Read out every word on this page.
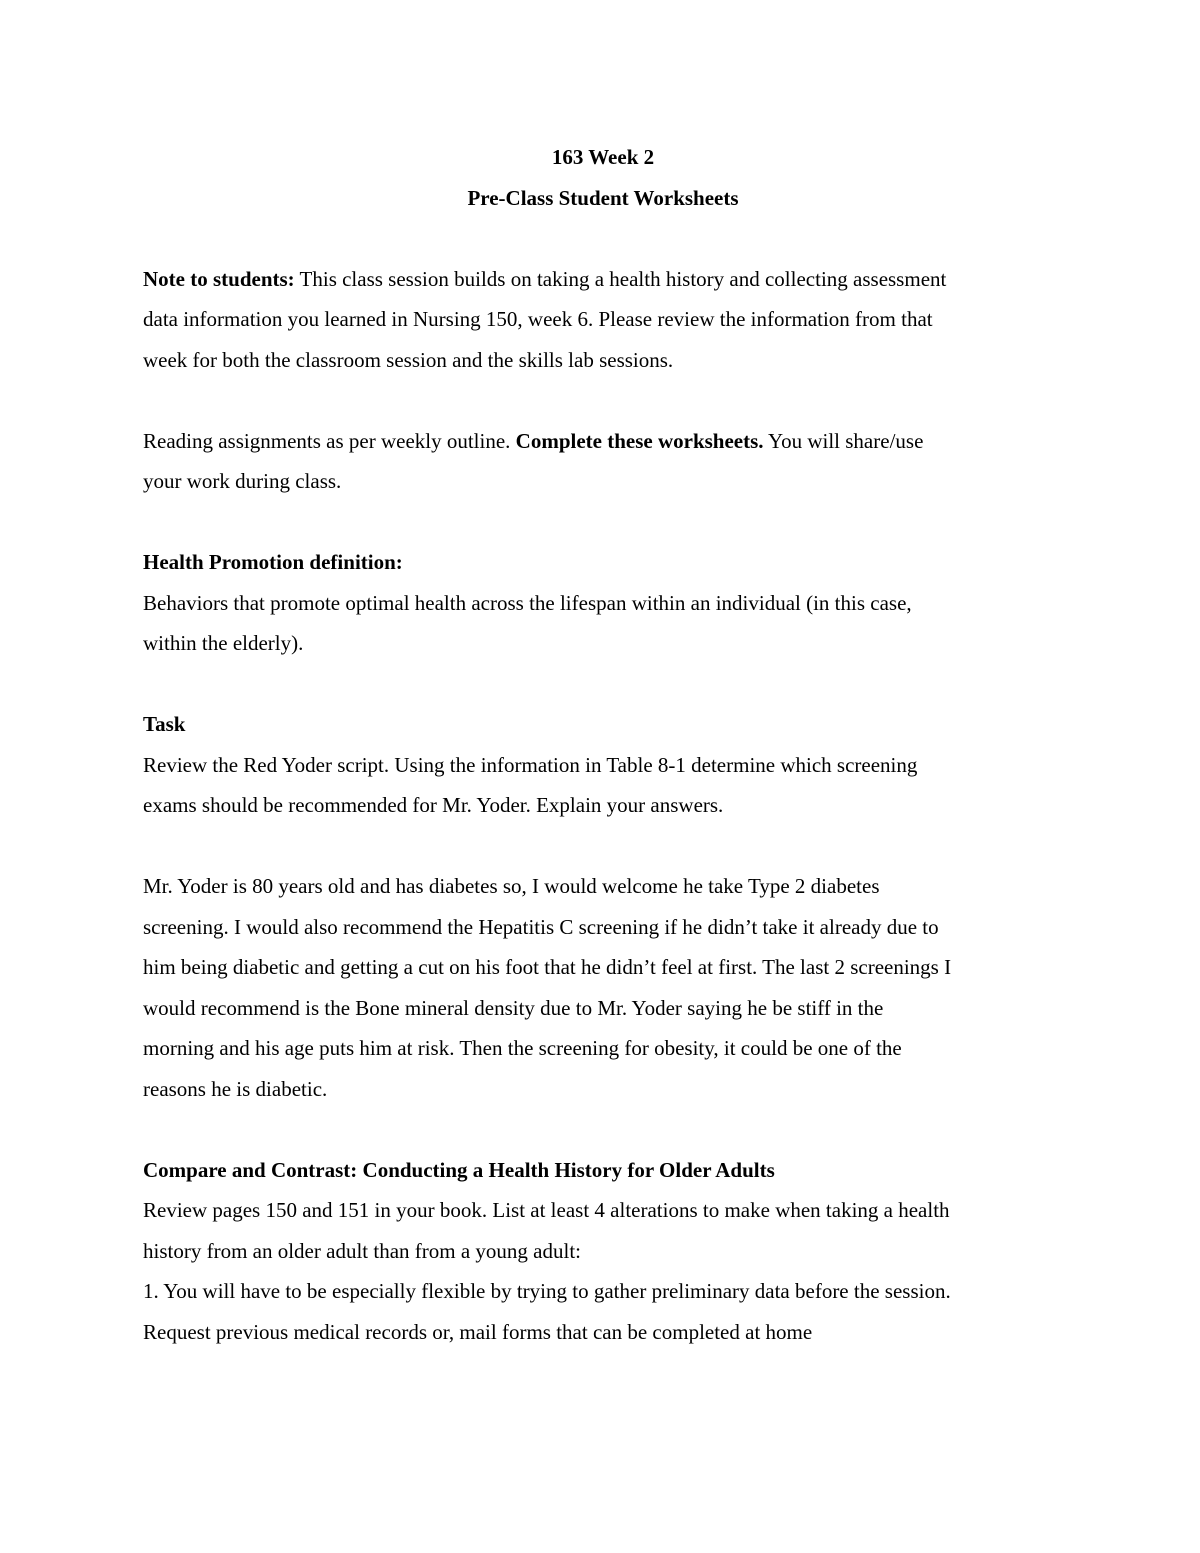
163 Week 2

Pre-Class Student Worksheets

Note to students: This class session builds on taking a health history and collecting assessment

data information you learned in Nursing 150, week 6. Please review the information from that

week for both the classroom session and the skills lab sessions.

Reading assignments as per weekly outline. Complete these worksheets. You will share/use

your work during class.

Health Promotion definition:

Behaviors that promote optimal health across the lifespan within an individual (in this case,

within the elderly).

Task

Review the Red Yoder script. Using the information in Table 8-1 determine which screening

exams should be recommended for Mr. Yoder. Explain your answers.

Mr. Yoder is 80 years old and has diabetes so, I would welcome he take Type 2 diabetes

screening. I would also recommend the Hepatitis C screening if he didn’t take it already due to

him being diabetic and getting a cut on his foot that he didn’t feel at first. The last 2 screenings I

would recommend is the Bone mineral density due to Mr. Yoder saying he be stiff in the

morning and his age puts him at risk. Then the screening for obesity, it could be one of the

reasons he is diabetic.

Compare and Contrast: Conducting a Health History for Older Adults

Review pages 150 and 151 in your book. List at least 4 alterations to make when taking a health

history from an older adult than from a young adult:

1. You will have to be especially flexible by trying to gather preliminary data before the session.

Request previous medical records or, mail forms that can be completed at home
